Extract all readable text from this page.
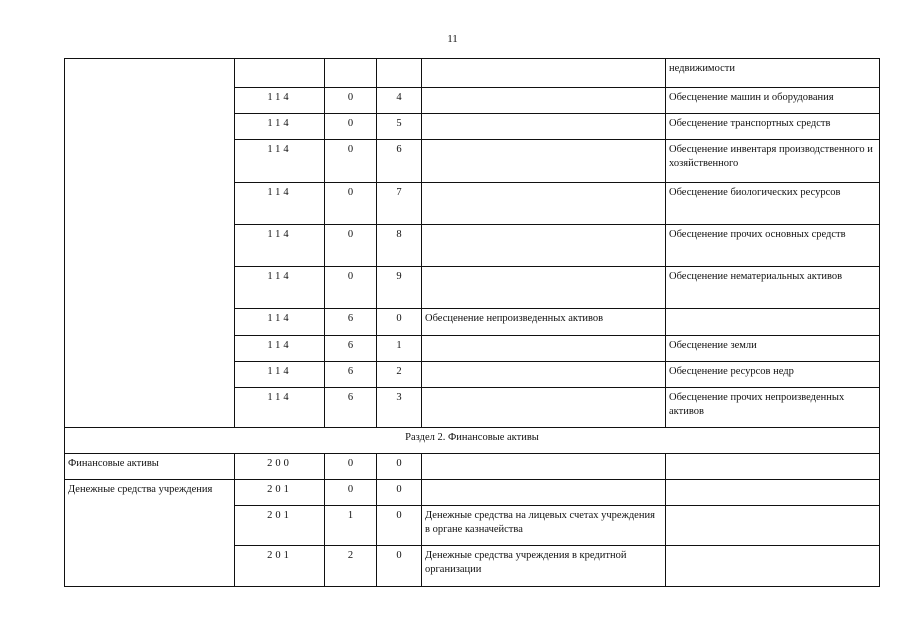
11
					недвижимости
	114	0	4		Обесценение машин и оборудования
	114	0	5		Обесценение транспортных средств
	114	0	6		Обесценение инвентаря производственного и хозяйственного
	114	0	7		Обесценение биологических ресурсов
	114	0	8		Обесценение прочих основных средств
	114	0	9		Обесценение нематериальных активов
	114	6	0	Обесценение непроизведенных активов	
	114	6	1		Обесценение земли
	114	6	2		Обесценение ресурсов недр
	114	6	3		Обесценение прочих непроизведенных активов
Раздел 2. Финансовые активы					
Финансовые активы	200	0	0		
Денежные средства учреждения	201	0	0		
	201	1	0	Денежные средства на лицевых счетах учреждения в органе казначейства	
	201	2	0	Денежные средства учреждения в кредитной организации	
